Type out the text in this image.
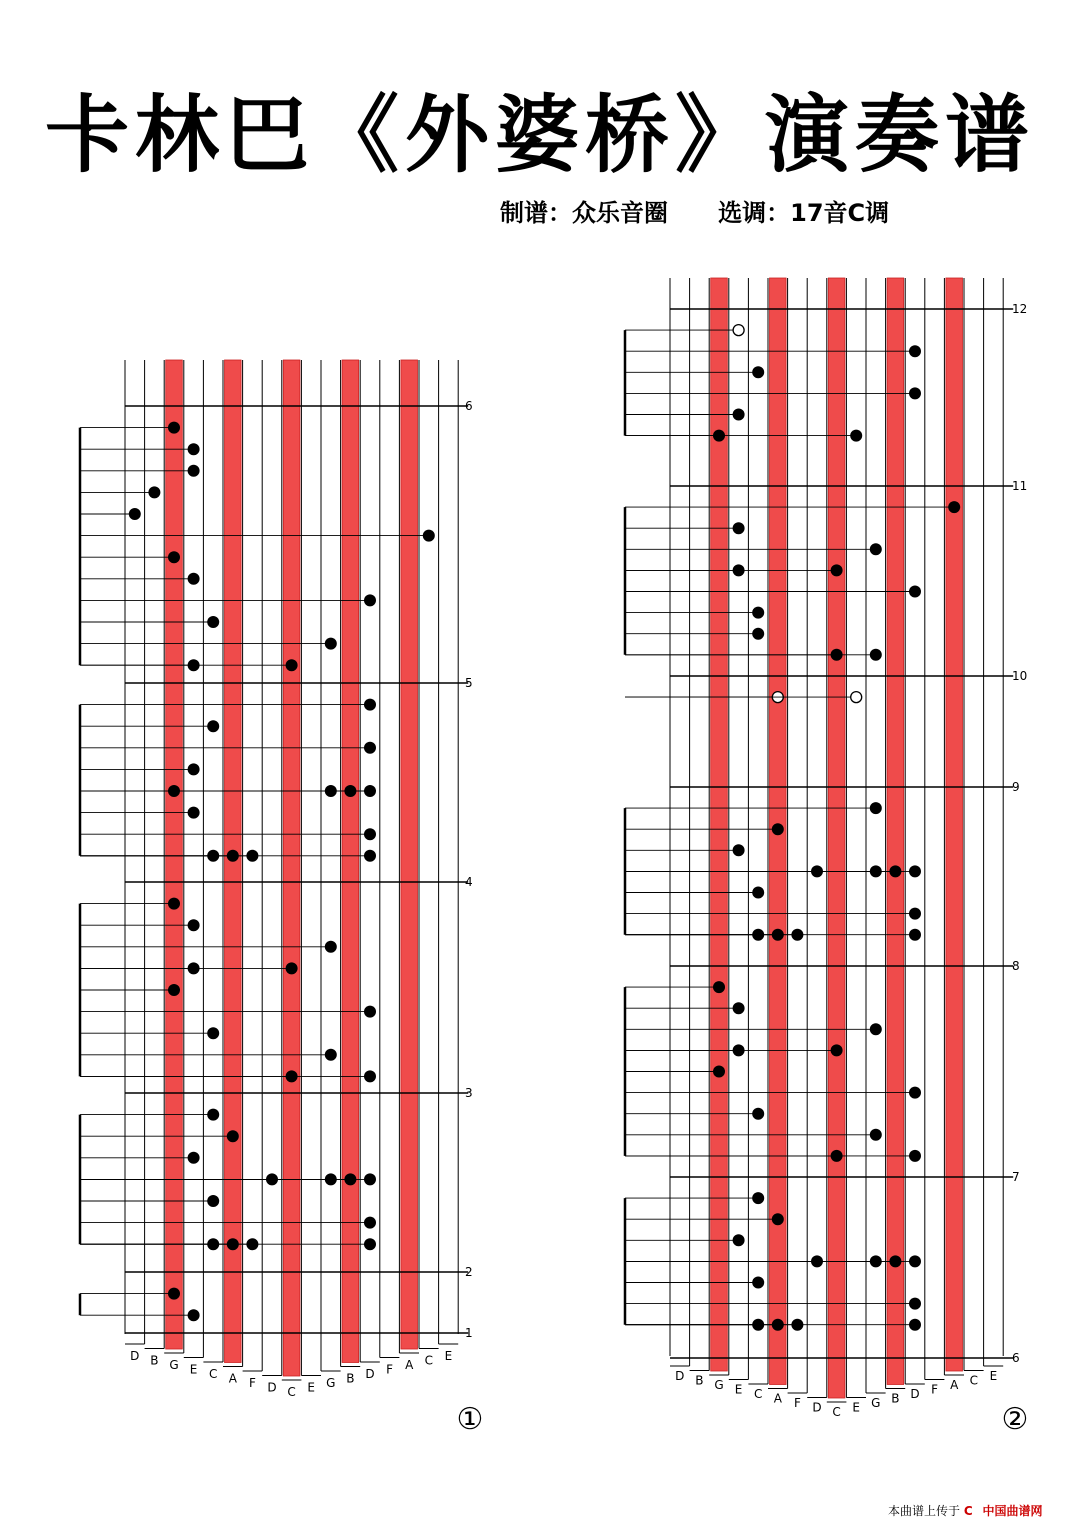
卡林巴《外婆桥》演奏谱
制谱：众乐音圈      选调：17音C调
D B G E C A F D C E G B D F A C E
6
5
4
3
2
1
①
D B G E C A F D C E G B D F A C E
12
11
10
9
8
7
6
②
本曲谱上传于 C 中国曲谱网
